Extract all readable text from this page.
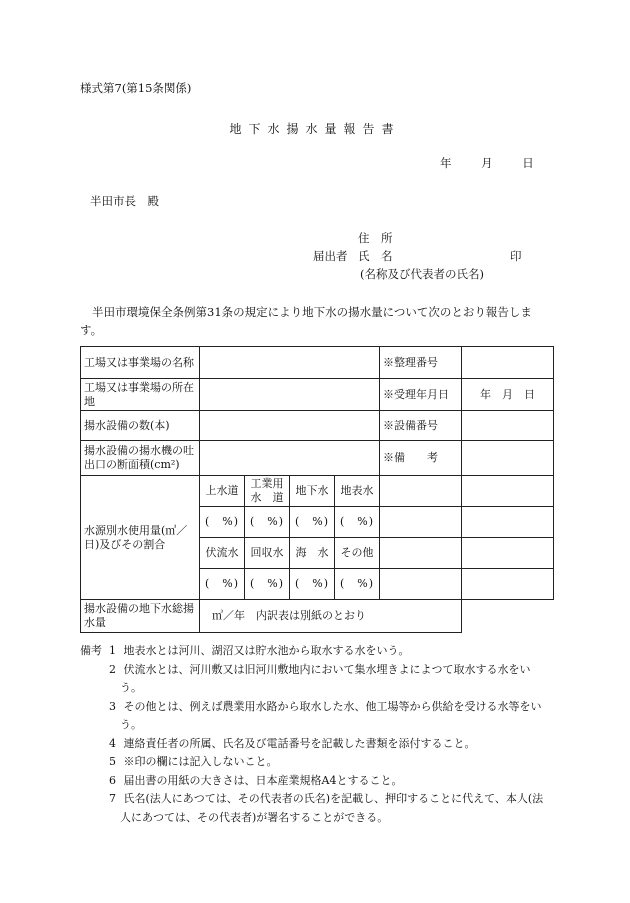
様式第7(第15条関係)
地下水揚水量報告書
年 月 日
半田市長　殿
住　所
届出者 氏　名	印
(名称及び代表者の氏名)
半田市環境保全条例第31条の規定により地下水の揚水量について次のとおり報告します。
工場又は事業場の名称					※整理番号	
工場又は事業場の所在地					※受理年月日	年　月　日
揚水設備の数(本)					※設備番号	
揚水設備の揚水機の吐出口の断面積(cm²)					※備　　考	
水源別水使用量(㎥／日)及びその割合	上水道	工業用水　道	地下水	地表水		
	(　%)	(　%)	(　%)	(　%)		
	伏流水	回収水	海　水	その他		
	(　%)	(　%)	(　%)	(　%)		
揚水設備の地下水総揚水量	㎥／年　内訳表は別紙のとおり					
備考 1 地表水とは河川、湖沼又は貯水池から取水する水をいう。
2 伏流水とは、河川敷又は旧河川敷地内において集水埋きよによつて取水する水をいう。
3 その他とは、例えば農業用水路から取水した水、他工場等から供給を受ける水等をいう。
4 連絡責任者の所属、氏名及び電話番号を記載した書類を添付すること。
5 ※印の欄には記入しないこと。
6 届出書の用紙の大きさは、日本産業規格A4とすること。
7 氏名(法人にあつては、その代表者の氏名)を記載し、押印することに代えて、本人(法人にあつては、その代表者)が署名することができる。
